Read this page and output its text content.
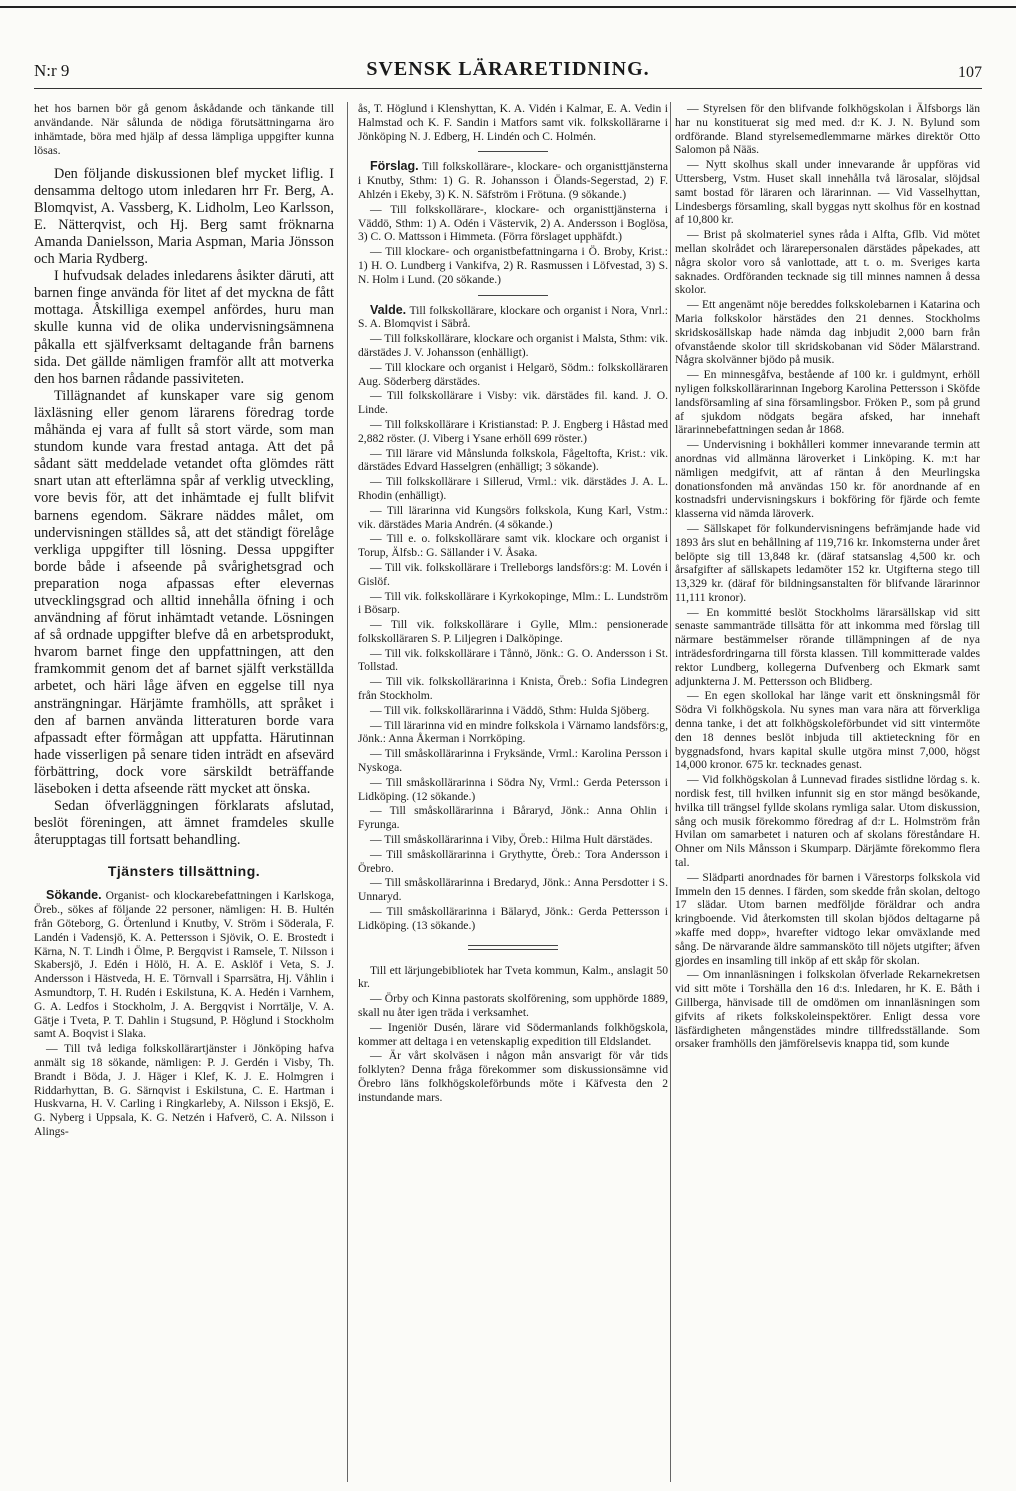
N:r 9	SVENSK LÄRARETIDNING.	107

het hos barnen bör gå genom åskådande och tänkande till användande. När sålunda de nödiga förutsättningarna äro inhämtade, böra med hjälp af dessa lämpliga uppgifter kunna lösas.

Den följande diskussionen blef mycket liflig. I densamma deltogo utom inledaren hrr Fr. Berg, A. Blomqvist, A. Vassberg, K. Lidholm, Leo Karlsson, E. Nätterqvist, och Hj. Berg samt fröknarna Amanda Danielsson, Maria Aspman, Maria Jönsson och Maria Rydberg.

I hufvudsak delades inledarens åsikter däruti, att barnen finge använda för litet af det myckna de fått mottaga. Åtskilliga exempel anfördes, huru man skulle kunna vid de olika undervisningsämnena påkalla ett själfverksamt deltagande från barnens sida. Det gällde nämligen framför allt att motverka den hos barnen rådande passiviteten.

Tillägnandet af kunskaper vare sig genom läxläsning eller genom lärarens föredrag torde måhända ej vara af fullt så stort värde, som man stundom kunde vara frestad antaga. Att det på sådant sätt meddelade vetandet ofta glömdes rätt snart utan att efterlämna spår af verklig utveckling, vore bevis för, att det inhämtade ej fullt blifvit barnens egendom. Säkrare näddes målet, om undervisningen ställdes så, att det ständigt förelåge verkliga uppgifter till lösning. Dessa uppgifter borde både i afseende på svårighetsgrad och preparation noga afpassas efter elevernas utvecklingsgrad och alltid innehålla öfning i och användning af förut inhämtadt vetande. Lösningen af så ordnade uppgifter blefve då en arbetsprodukt, hvarom barnet finge den uppfattningen, att den framkommit genom det af barnet själft verkställda arbetet, och häri låge äfven en eggelse till nya ansträngningar. Härjämte framhölls, att språket i den af barnen använda litteraturen borde vara afpassadt efter förmågan att uppfatta. Härutinnan hade visserligen på senare tiden inträdt en afsevärd förbättring, dock vore särskildt beträffande läseboken i detta afseende rätt mycket att önska.

Sedan öfverläggningen förklarats afslutad, beslöt föreningen, att ämnet framdeles skulle återupptagas till fortsatt behandling.

Tjänsters tillsättning.

Sökande. Organist- och klockarebefattningen i Karlskoga, Öreb., sökes af följande 22 personer, nämligen: H. B. Hultén från Göteborg, G. Örtenlund i Knutby, V. Ström i Söderala, F. Landén i Vadensjö, K. A. Pettersson i Sjövik, O. E. Brostedt i Kärna, N. T. Lindh i Ölme, P. Bergqvist i Ramsele, T. Nilsson i Skabersjö, J. Edén i Hölö, H. A. E. Asklöf i Veta, S. J. Andersson i Hästveda, H. E. Törnvall i Sparrsätra, Hj. Våhlin i Asmundtorp, T. H. Rudén i Eskilstuna, K. A. Hedén i Varnhem, G. A. Ledfos i Stockholm, J. A. Bergqvist i Norrtälje, V. A. Gätje i Tveta, P. T. Dahlin i Stugsund, P. Höglund i Stockholm samt A. Boqvist i Slaka.

— Till två lediga folkskollärartjänster i Jönköping hafva anmält sig 18 sökande, nämligen: P. J. Gerdén i Visby, Th. Brandt i Böda, J. J. Häger i Klef, K. J. E. Holmgren i Riddarhyttan, B. G. Särnqvist i Eskilstuna, C. E. Hartman i Huskvarna, H. V. Carling i Ringkarleby, A. Nilsson i Eksjö, E. G. Nyberg i Uppsala, K. G. Netzén i Hafverö, C. A. Nilsson i Alings-

ås, T. Höglund i Klenshyttan, K. A. Vidén i Kalmar, E. A. Vedin i Halmstad och K. F. Sandin i Matfors samt vik. folkskollärarne i Jönköping N. J. Edberg, H. Lindén och C. Holmén.

Förslag. Till folkskollärare-, klockare- och organisttjänsterna i Knutby, Sthm: 1) G. R. Johansson i Ölands-Segerstad, 2) F. Ahlzén i Ekeby, 3) K. N. Säfström i Frötuna. (9 sökande.)

— Till folkskollärare-, klockare- och organisttjänsterna i Väddö, Sthm: 1) A. Odén i Västervik, 2) A. Andersson i Boglösa, 3) C. O. Mattsson i Himmeta. (Förra förslaget upphäfdt.)

— Till klockare- och organistbefattningarna i Ö. Broby, Krist.: 1) H. O. Lundberg i Vankifva, 2) R. Rasmussen i Löfvestad, 3) S. N. Holm i Lund. (20 sökande.)

Valde. Till folkskollärare, klockare och organist i Nora, Vnrl.: S. A. Blomqvist i Säbrå.

— Till folkskollärare, klockare och organist i Malsta, Sthm: vik. därstädes J. V. Johansson (enhälligt).

— Till klockare och organist i Helgarö, Södm.: folkskolläraren Aug. Söderberg därstädes.

— Till folkskollärare i Visby: vik. därstädes fil. kand. J. O. Linde.

— Till folkskollärare i Kristianstad: P. J. Engberg i Håstad med 2,882 röster. (J. Viberg i Ysane erhöll 699 röster.)

— Till lärare vid Månslunda folkskola, Fågeltofta, Krist.: vik. därstädes Edvard Hasselgren (enhälligt; 3 sökande).

— Till folkskollärare i Sillerud, Vrml.: vik. därstädes J. A. L. Rhodin (enhälligt).

— Till lärarinna vid Kungsörs folkskola, Kung Karl, Vstm.: vik. därstädes Maria Andrén. (4 sökande.)

— Till e. o. folkskollärare samt vik. klockare och organist i Torup, Älfsb.: G. Sällander i V. Åsaka.

— Till vik. folkskollärare i Trelleborgs landsförs:g: M. Lovén i Gislöf.

— Till vik. folkskollärare i Kyrkokopinge, Mlm.: L. Lundström i Bösarp.

— Till vik. folkskollärare i Gylle, Mlm.: pensionerade folkskolläraren S. P. Liljegren i Dalköpinge.

— Till vik. folkskollärare i Tånnö, Jönk.: G. O. Andersson i St. Tollstad.

— Till vik. folkskollärarinna i Knista, Öreb.: Sofia Lindegren från Stockholm.

— Till vik. folkskollärarinna i Väddö, Sthm: Hulda Sjöberg.

— Till lärarinna vid en mindre folkskola i Värnamo landsförs:g, Jönk.: Anna Åkerman i Norrköping.

— Till småskollärarinna i Fryksände, Vrml.: Karolina Persson i Nyskoga.

— Till småskollärarinna i Södra Ny, Vrml.: Gerda Petersson i Lidköping. (12 sökande.)

— Till småskollärarinna i Båraryd, Jönk.: Anna Ohlin i Fyrunga.

— Till småskollärarinna i Viby, Öreb.: Hilma Hult därstädes.

— Till småskollärarinna i Grythytte, Öreb.: Tora Andersson i Örebro.

— Till småskollärarinna i Bredaryd, Jönk.: Anna Persdotter i S. Unnaryd.

— Till småskollärarinna i Bälaryd, Jönk.: Gerda Pettersson i Lidköping. (13 sökande.)

Till ett lärjungebibliotek har Tveta kommun, Kalm., anslagit 50 kr.

— Örby och Kinna pastorats skolförening, som upphörde 1889, skall nu åter igen träda i verksamhet.

— Ingeniör Dusén, lärare vid Södermanlands folkhögskola, kommer att deltaga i en vetenskaplig expedition till Eldslandet.

— Är vårt skolväsen i någon mån ansvarigt för vår tids folklyten? Denna fråga förekommer som diskussionsämne vid Örebro läns folkhögskoleförbunds möte i Käfvesta den 2 instundande mars.

— Styrelsen för den blifvande folkhögskolan i Älfsborgs län har nu konstituerat sig med med. d:r K. J. N. Bylund som ordförande. Bland styrelsemedlemmarne märkes direktör Otto Salomon på Nääs.

— Nytt skolhus skall under innevarande år uppföras vid Uttersberg, Vstm. Huset skall innehålla två lärosalar, slöjdsal samt bostad för läraren och lärarinnan. — Vid Vasselhyttan, Lindesbergs församling, skall byggas nytt skolhus för en kostnad af 10,800 kr.

— Brist på skolmateriel synes råda i Alfta, Gflb. Vid mötet mellan skolrådet och lärarepersonalen därstädes påpekades, att några skolor voro så vanlottade, att t. o. m. Sveriges karta saknades. Ordföranden tecknade sig till minnes namnen å dessa skolor.

— Ett angenämt nöje bereddes folkskolebarnen i Katarina och Maria folkskolor härstädes den 21 dennes. Stockholms skridskosällskap hade nämda dag inbjudit 2,000 barn från ofvanstående skolor till skridskobanan vid Söder Mälarstrand. Några skolvänner bjödo på musik.

— En minnesgåfva, bestående af 100 kr. i guldmynt, erhöll nyligen folkskollärarinnan Ingeborg Karolina Pettersson i Sköfde landsförsamling af sina församlingsbor. Fröken P., som på grund af sjukdom nödgats begära afsked, har innehaft lärarinnebefattningen sedan år 1868.

— Undervisning i bokhålleri kommer innevarande termin att anordnas vid allmänna läroverket i Linköping. K. m:t har nämligen medgifvit, att af räntan å den Meurlingska donationsfonden må användas 150 kr. för anordnande af en kostnadsfri undervisningskurs i bokföring för fjärde och femte klasserna vid nämda läroverk.

— Sällskapet för folkundervisningens befrämjande hade vid 1893 års slut en behållning af 119,716 kr. Inkomsterna under året belöpte sig till 13,848 kr. (däraf statsanslag 4,500 kr. och årsafgifter af sällskapets ledamöter 152 kr. Utgifterna stego till 13,329 kr. (däraf för bildningsanstalten för blifvande lärarinnor 11,111 kronor).

— En kommitté beslöt Stockholms lärarsällskap vid sitt senaste sammanträde tillsätta för att inkomma med förslag till närmare bestämmelser rörande tillämpningen af de nya inträdesfordringarna till första klassen. Till kommitterade valdes rektor Lundberg, kollegerna Dufvenberg och Ekmark samt adjunkterna J. M. Pettersson och Blidberg.

— En egen skollokal har länge varit ett önskningsmål för Södra Vi folkhögskola. Nu synes man vara nära att förverkliga denna tanke, i det att folkhögskoleförbundet vid sitt vintermöte den 18 dennes beslöt inbjuda till aktieteckning för en byggnadsfond, hvars kapital skulle utgöra minst 7,000, högst 14,000 kronor. 675 kr. tecknades genast.

— Vid folkhögskolan å Lunnevad firades sistlidne lördag s. k. nordisk fest, till hvilken infunnit sig en stor mängd besökande, hvilka till trängsel fyllde skolans rymliga salar. Utom diskussion, sång och musik förekommo föredrag af d:r L. Holmström från Hvilan om samarbetet i naturen och af skolans föreståndare H. Ohner om Nils Månsson i Skumparp. Därjämte förekommo flera tal.

— Slädparti anordnades för barnen i Värestorps folkskola vid Immeln den 15 dennes. I färden, som skedde från skolan, deltogo 17 slädar. Utom barnen medföljde föräldrar och andra kringboende. Vid återkomsten till skolan bjödos deltagarne på »kaffe med dopp», hvarefter vidtogo lekar omväxlande med sång. De närvarande äldre sammansköto till nöjets utgifter; äfven gjordes en insamling till inköp af ett skåp för skolan.

— Om innanläsningen i folkskolan öfverlade Rekarnekretsen vid sitt möte i Torshälla den 16 d:s. Inledaren, hr K. E. Båth i Gillberga, hänvisade till de omdömen om innanläsningen som gifvits af rikets folkskoleinspektörer. Enligt dessa vore läsfärdigheten mångenstädes mindre tillfredsställande. Som orsaker framhölls den jämförelsevis knappa tid, som kunde
